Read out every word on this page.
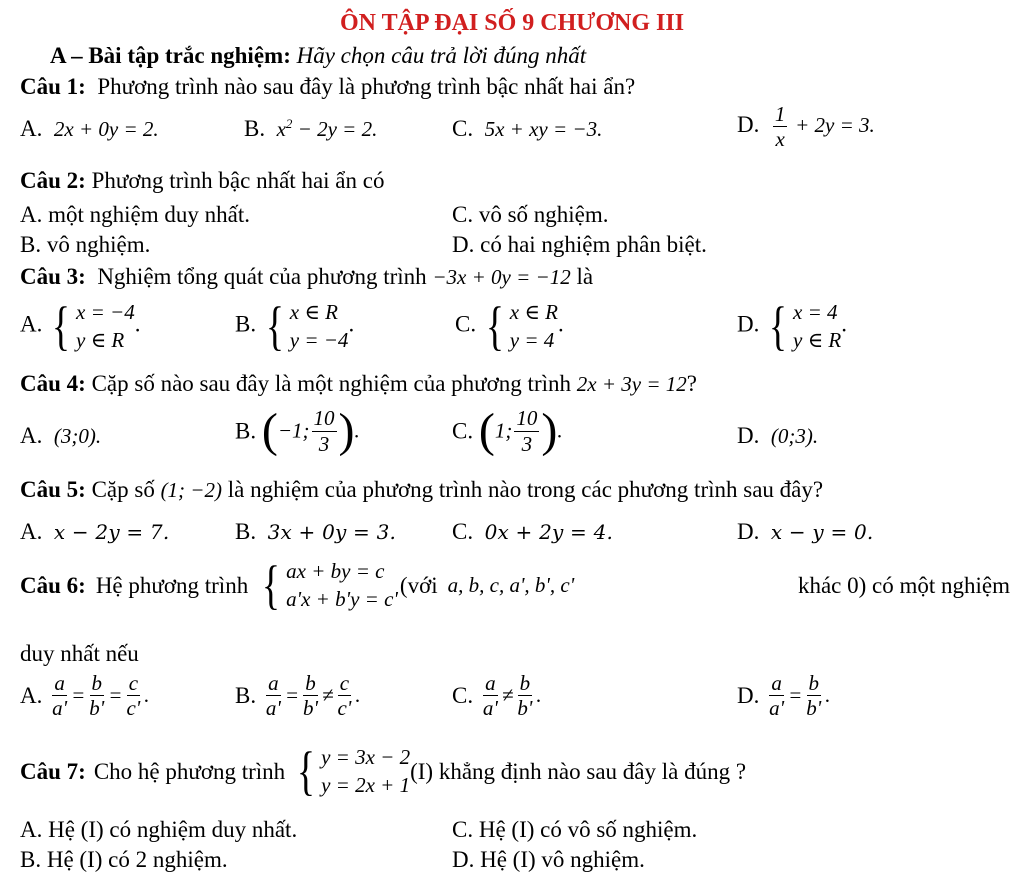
ÔN TẬP ĐẠI SỐ 9 CHƯƠNG III
A – Bài tập trắc nghiệm: Hãy chọn câu trả lời đúng nhất
Câu 1: Phương trình nào sau đây là phương trình bậc nhất hai ẩn?
A. 2x + 0y = 2.	B. $x^2 - 2y = 2$.	C. 5x + xy = −3.	D. $\frac{1}{x} + 2y = 3$.
Câu 2: Phương trình bậc nhất hai ẩn có
A. một nghiệm duy nhất.	C. vô số nghiệm.
B. vô nghiệm.	D. có hai nghiệm phân biệt.
Câu 3: Nghiệm tổng quát của phương trình −3x + 0y = −12 là
A. { x = −4
y ∈ R
.	B. { x ∈ R
y = −4
.	C. { x ∈ R
y = 4
.	D. { x = 4
y ∈ R
.
Câu 4: Cặp số nào sau đây là một nghiệm của phương trình 2x + 3y = 12?
A. (3;0).	B. (−1; $\frac{10}{3}$ ).	C. (1; $\frac{10}{3}$ ).	D. (0;3).
Câu 5: Cặp số (1; −2) là nghiệm của phương trình nào trong các phương trình sau đây?
A. x − 2y = 7.	B. 3x + 0y = 3. C. 0x + 2y = 4.	D. x − y = 0.
Câu 6: Hệ phương trình { ax + by = c
a'x + b'y = c'
(với a, b, c, a', b', c'	khác 0) có một nghiệm
duy nhất nếu
A. $\frac{a}{a'} = \frac{b}{b'} = \frac{c}{c'}$ .	B. $\frac{a}{a'} = \frac{b}{b'} \ne \frac{c}{c'}$ .	C. $\frac{a}{a'} \ne \frac{b}{b'}$ .	D. $\frac{a}{a'} = \frac{b}{b'}$ .
Câu 7: Cho hệ phương trình { y = 3x − 2
y = 2x + 1
(I) khẳng định nào sau đây là đúng ?
A. Hệ (I) có nghiệm duy nhất.	C. Hệ (I) có vô số nghiệm.
B. Hệ (I) có 2 nghiệm.	D. Hệ (I) vô nghiệm.
